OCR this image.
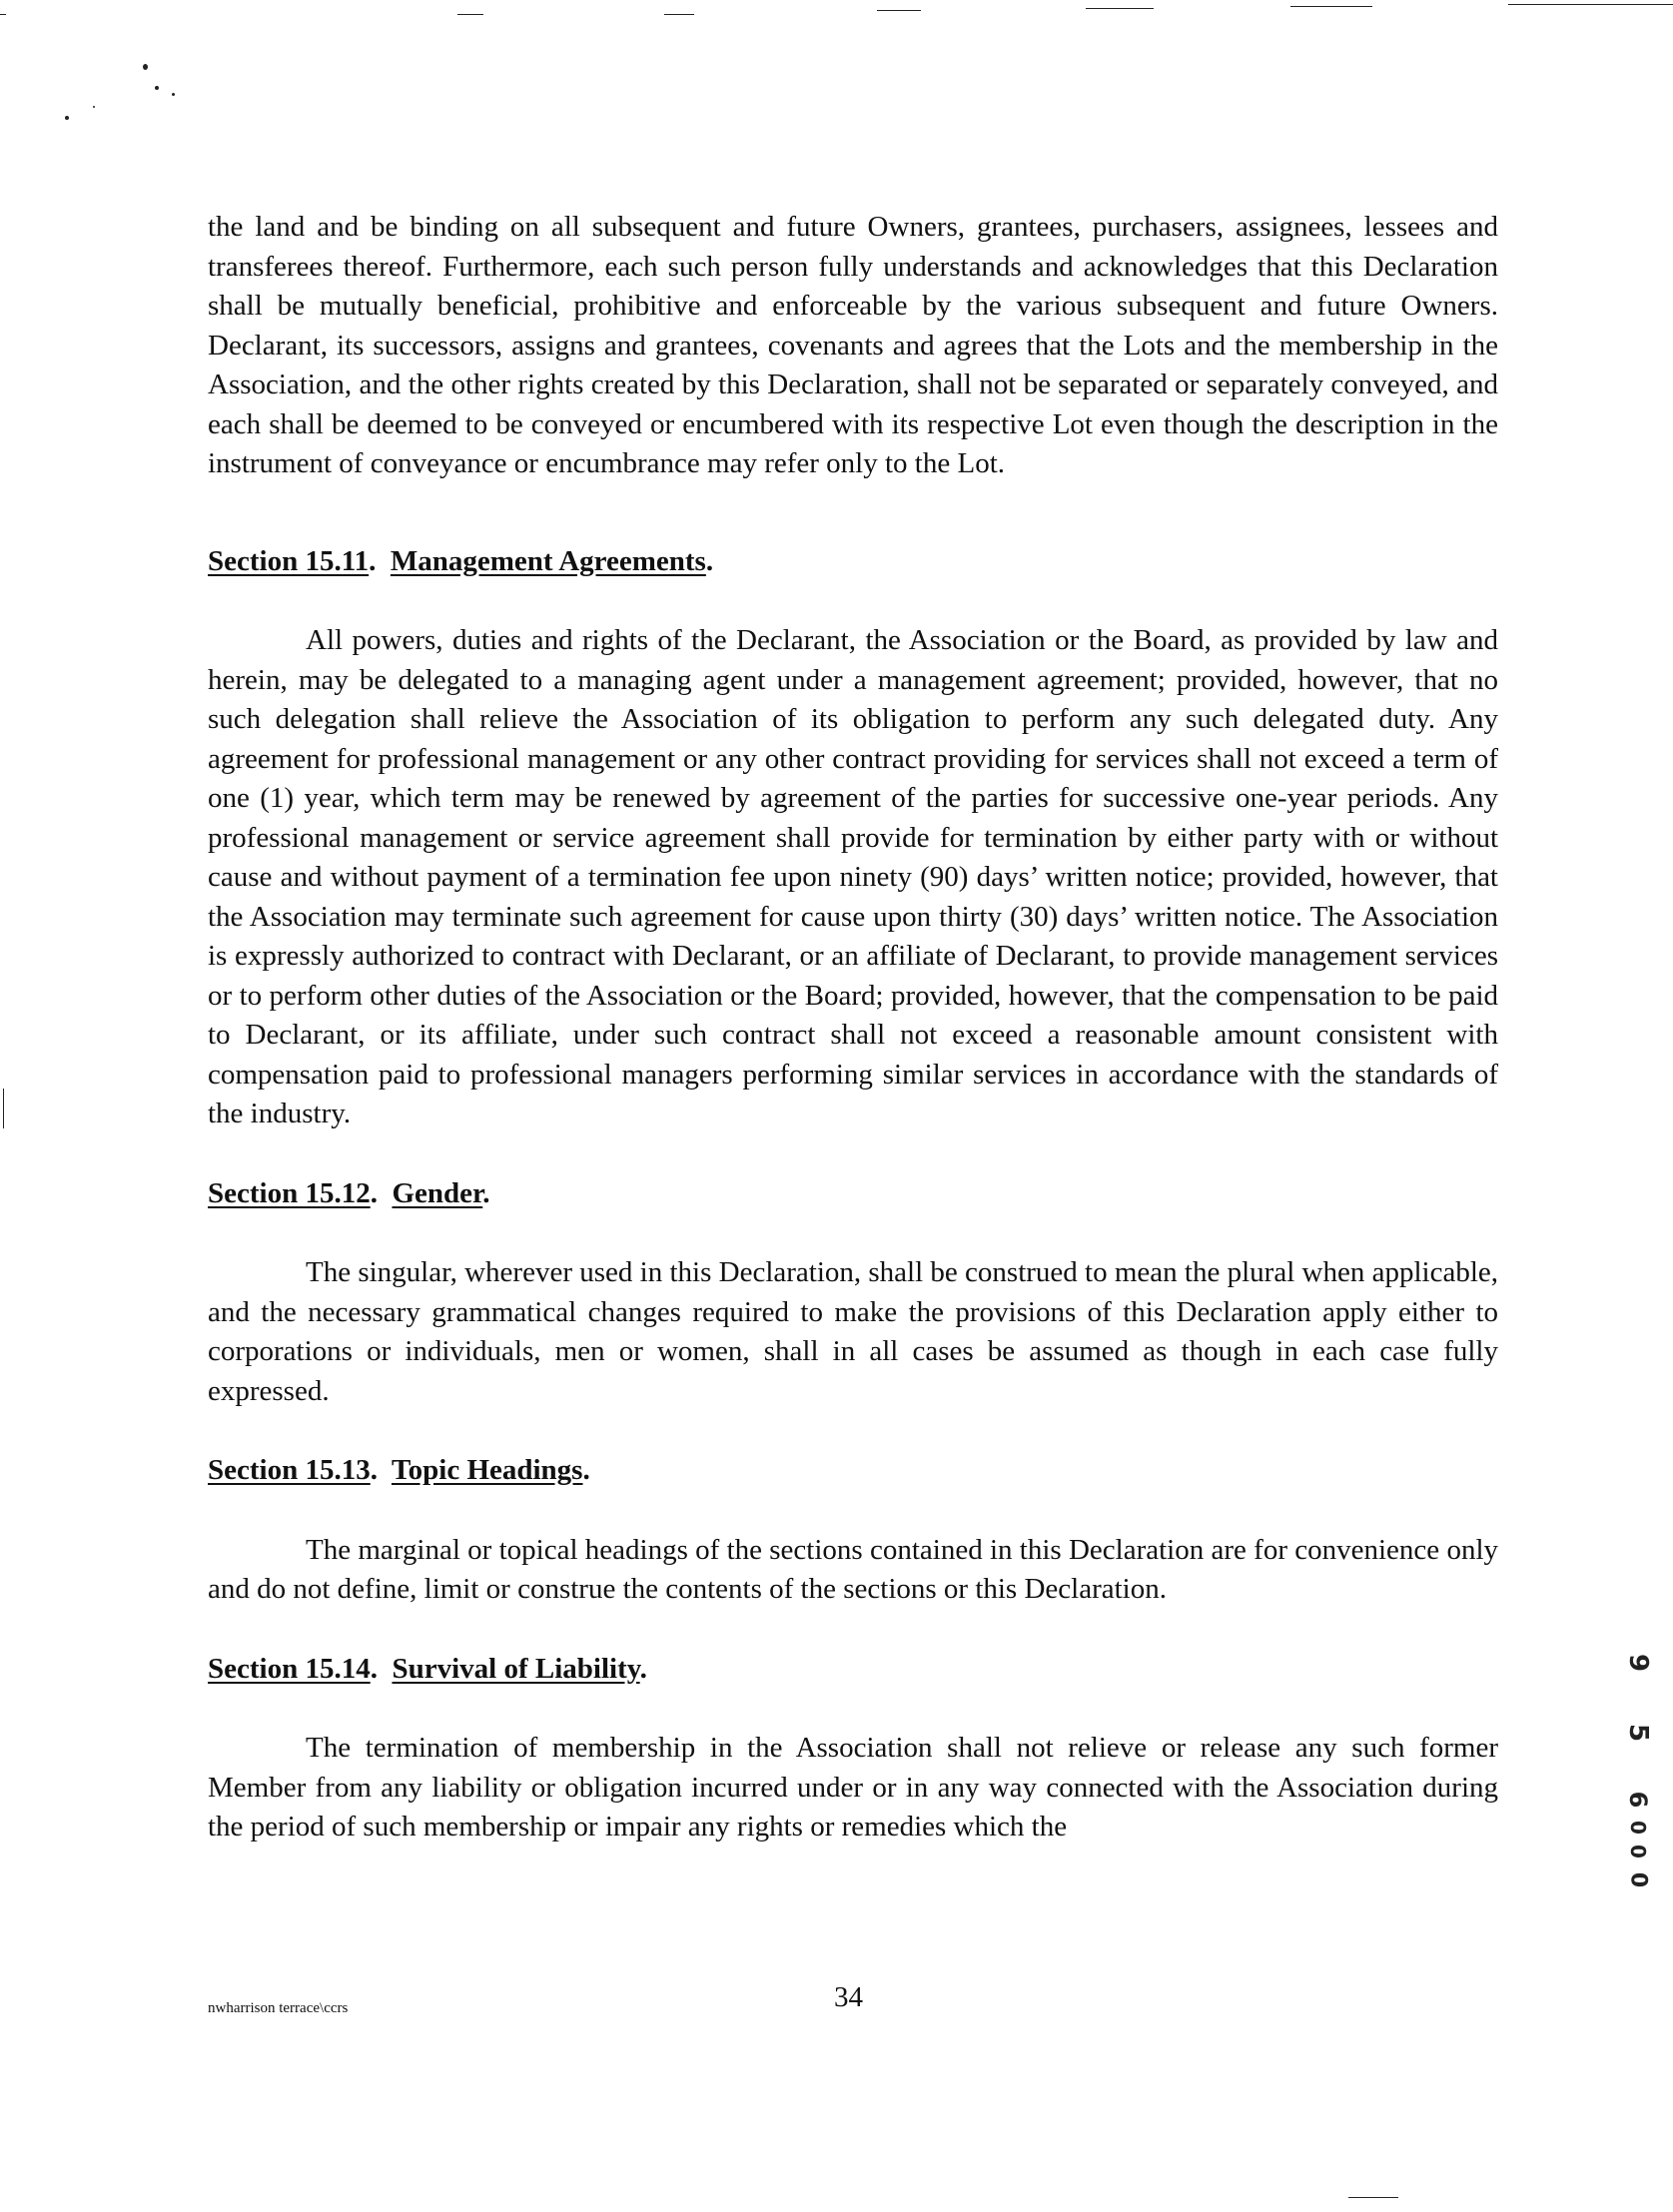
the land and be binding on all subsequent and future Owners, grantees, purchasers, assignees, lessees and transferees thereof. Furthermore, each such person fully understands and acknowledges that this Declaration shall be mutually beneficial, prohibitive and enforceable by the various subsequent and future Owners. Declarant, its successors, assigns and grantees, covenants and agrees that the Lots and the membership in the Association, and the other rights created by this Declaration, shall not be separated or separately conveyed, and each shall be deemed to be conveyed or encumbered with its respective Lot even though the description in the instrument of conveyance or encumbrance may refer only to the Lot.

Section 15.11.  Management Agreements.

All powers, duties and rights of the Declarant, the Association or the Board, as provided by law and herein, may be delegated to a managing agent under a management agreement; provided, however, that no such delegation shall relieve the Association of its obligation to perform any such delegated duty. Any agreement for professional management or any other contract providing for services shall not exceed a term of one (1) year, which term may be renewed by agreement of the parties for successive one-year periods. Any professional management or service agreement shall provide for termination by either party with or without cause and without payment of a termination fee upon ninety (90) days’ written notice; provided, however, that the Association may terminate such agreement for cause upon thirty (30) days’ written notice. The Association is expressly authorized to contract with Declarant, or an affiliate of Declarant, to provide management services or to perform other duties of the Association or the Board; provided, however, that the compensation to be paid to Declarant, or its affiliate, under such contract shall not exceed a reasonable amount consistent with compensation paid to professional managers performing similar services in accordance with the standards of the industry.

Section 15.12.  Gender.

The singular, wherever used in this Declaration, shall be construed to mean the plural when applicable, and the necessary grammatical changes required to make the provisions of this Declaration apply either to corporations or individuals, men or women, shall in all cases be assumed as though in each case fully expressed.

Section 15.13.  Topic Headings.

The marginal or topical headings of the sections contained in this Declaration are for convenience only and do not define, limit or construe the contents of the sections or this Declaration.

Section 15.14.  Survival of Liability.

The termination of membership in the Association shall not relieve or release any such former Member from any liability or obligation incurred under or in any way connected with the Association during the period of such membership or impair any rights or remedies which the

nwharrison terrace\ccrs	34
9
5
6
0
0
0
